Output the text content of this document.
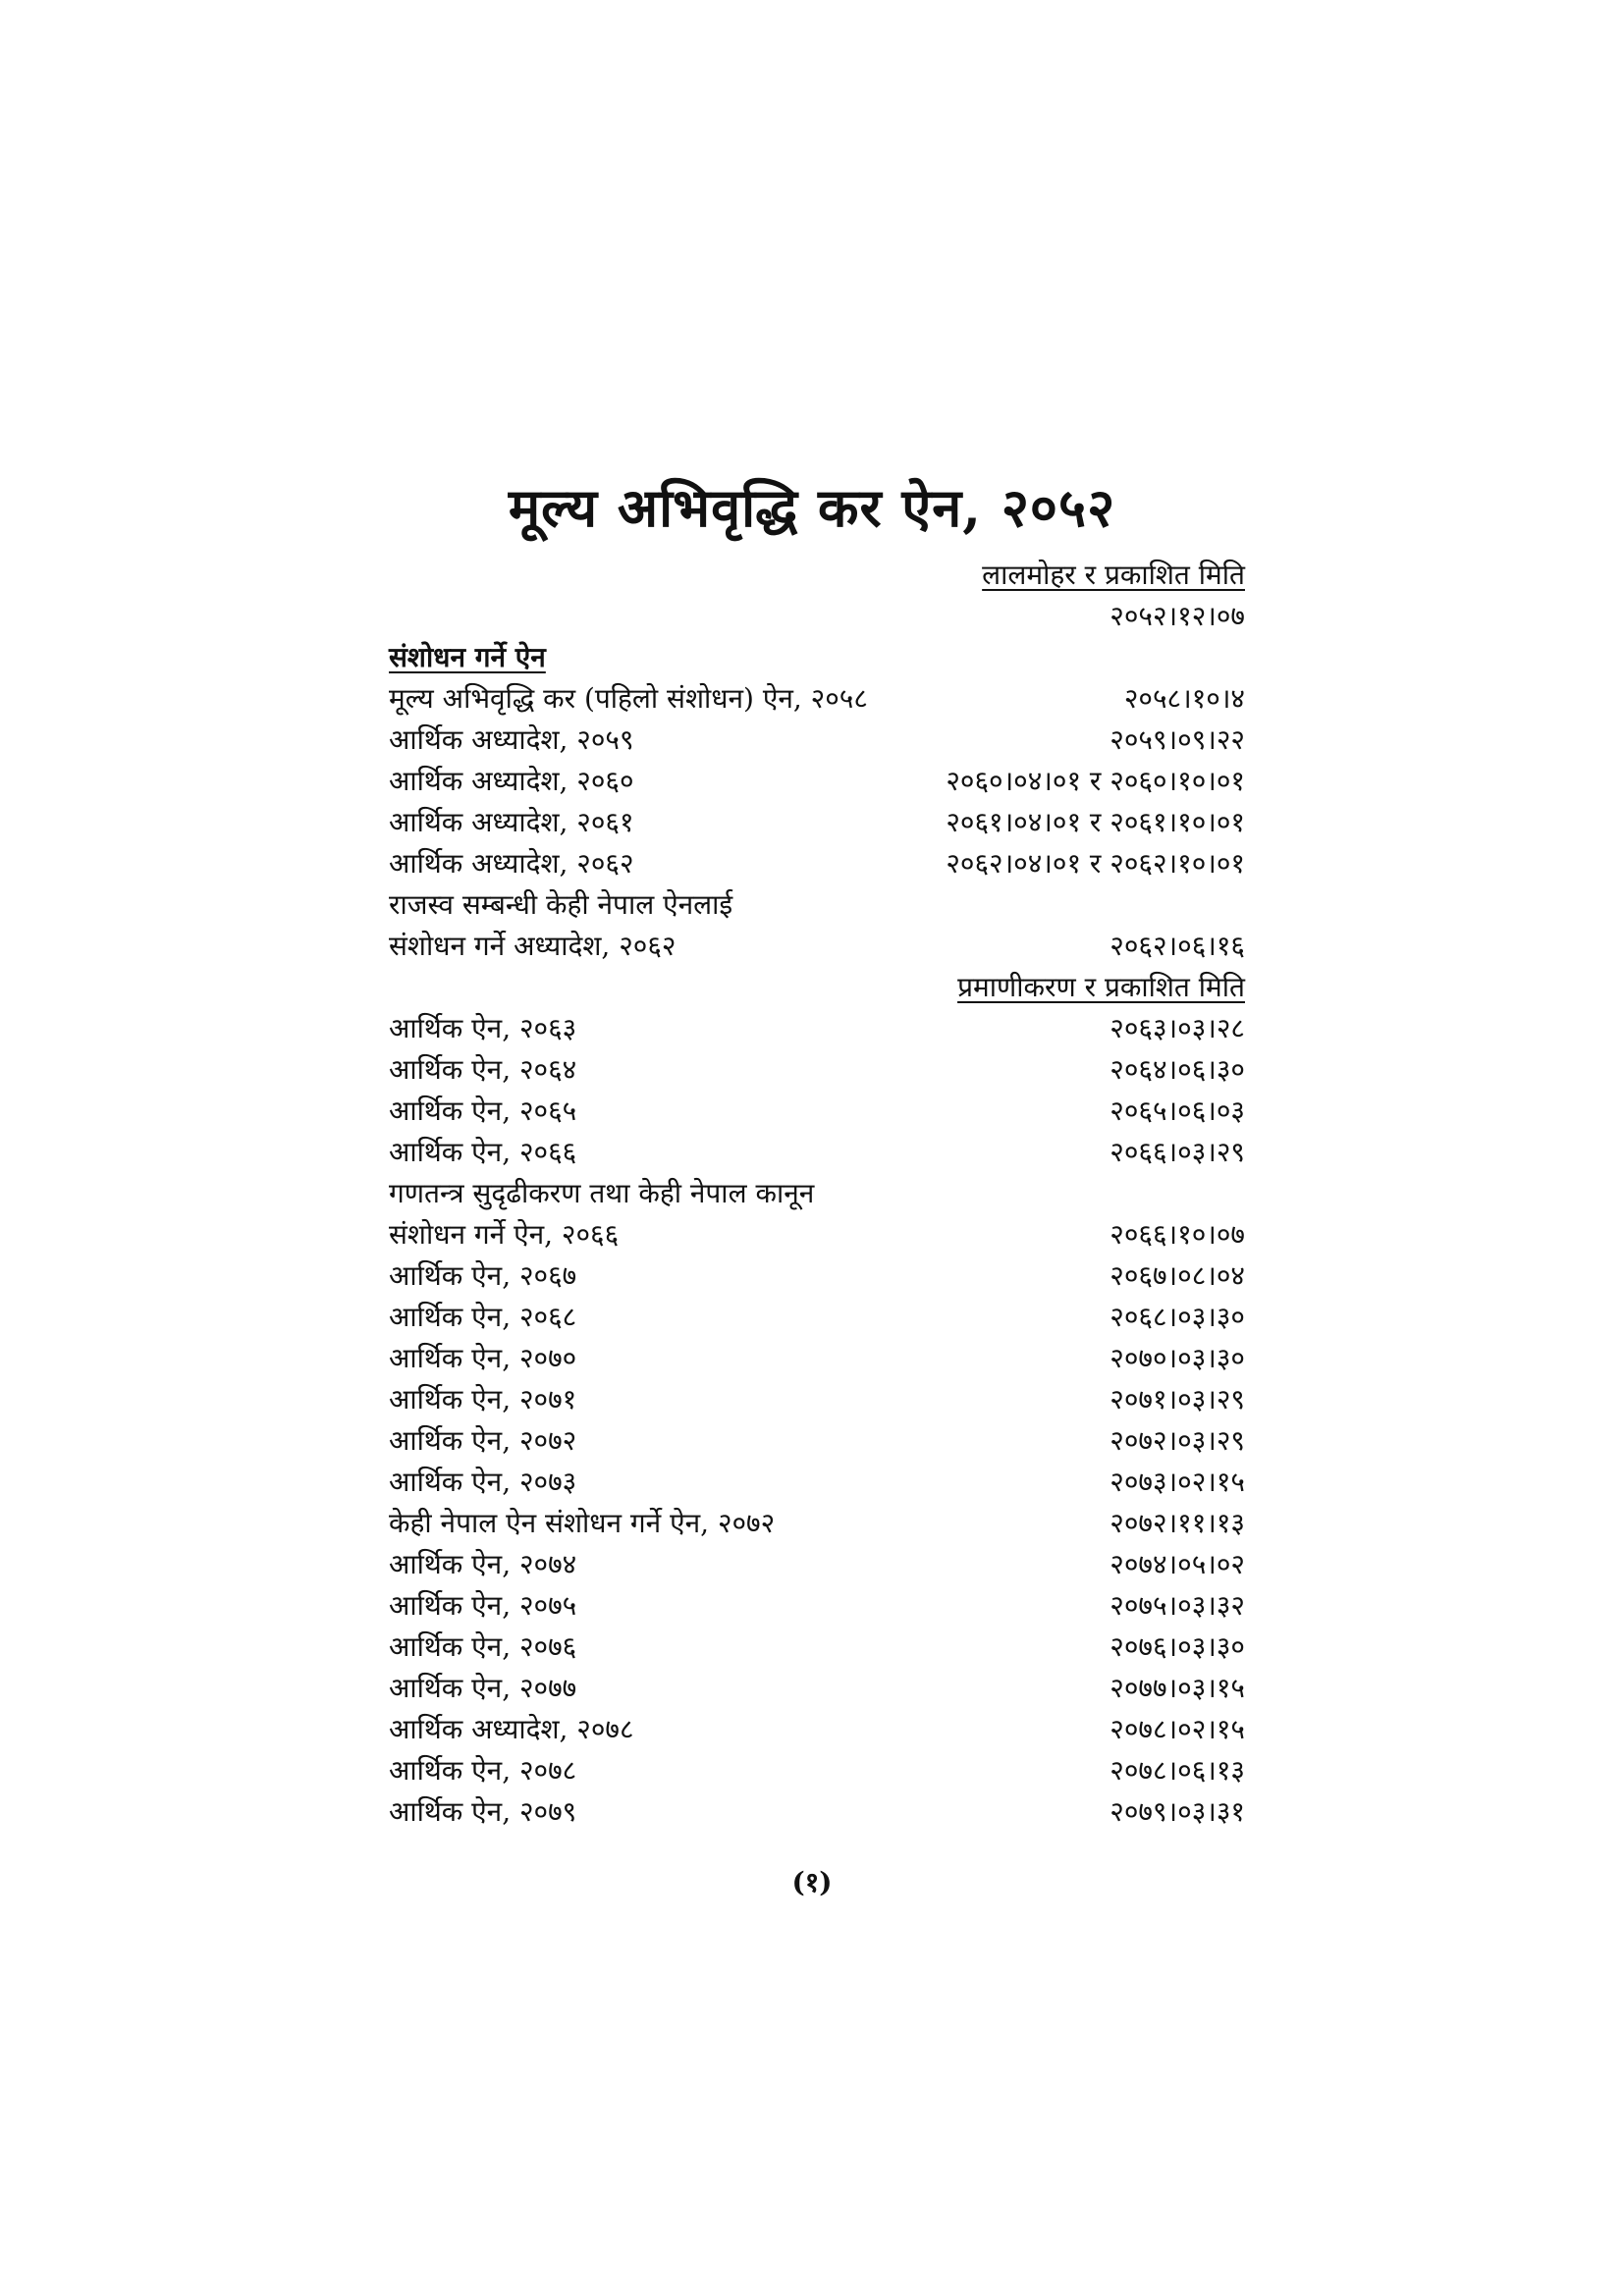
मूल्य अभिवृद्धि कर ऐन, २०५२
लालमोहर र प्रकाशित मिति
२०५२।१२।०७
संशोधन गर्ने ऐन
मूल्य अभिवृद्धि कर (पहिलो संशोधन) ऐन, २०५८	२०५८।१०।४
आर्थिक अध्यादेश, २०५९	२०५९।०९।२२
आर्थिक अध्यादेश, २०६०	२०६०।०४।०१ र २०६०।१०।०१
आर्थिक अध्यादेश, २०६१	२०६१।०४।०१ र २०६१।१०।०१
आर्थिक अध्यादेश, २०६२	२०६२।०४।०१ र २०६२।१०।०१
राजस्व सम्बन्धी केही नेपाल ऐनलाई
संशोधन गर्ने अध्यादेश, २०६२	२०६२।०६।१६
प्रमाणीकरण र प्रकाशित मिति
आर्थिक ऐन, २०६३	२०६३।०३।२८
आर्थिक ऐन, २०६४	२०६४।०६।३०
आर्थिक ऐन, २०६५	२०६५।०६।०३
आर्थिक ऐन, २०६६	२०६६।०३।२९
गणतन्त्र सुदृढीकरण तथा केही नेपाल कानून
संशोधन गर्ने ऐन, २०६६	२०६६।१०।०७
आर्थिक ऐन, २०६७	२०६७।०८।०४
आर्थिक ऐन, २०६८	२०६८।०३।३०
आर्थिक ऐन, २०७०	२०७०।०३।३०
आर्थिक ऐन, २०७१	२०७१।०३।२९
आर्थिक ऐन, २०७२	२०७२।०३।२९
आर्थिक ऐन, २०७३	२०७३।०२।१५
केही नेपाल ऐन संशोधन गर्ने ऐन, २०७२	२०७२।११।१३
आर्थिक ऐन, २०७४	२०७४।०५।०२
आर्थिक ऐन, २०७५	२०७५।०३।३२
आर्थिक ऐन, २०७६	२०७६।०३।३०
आर्थिक ऐन, २०७७	२०७७।०३।१५
आर्थिक अध्यादेश, २०७८	२०७८।०२।१५
आर्थिक ऐन, २०७८	२०७८।०६।१३
आर्थिक ऐन, २०७९	२०७९।०३।३१
(१)
